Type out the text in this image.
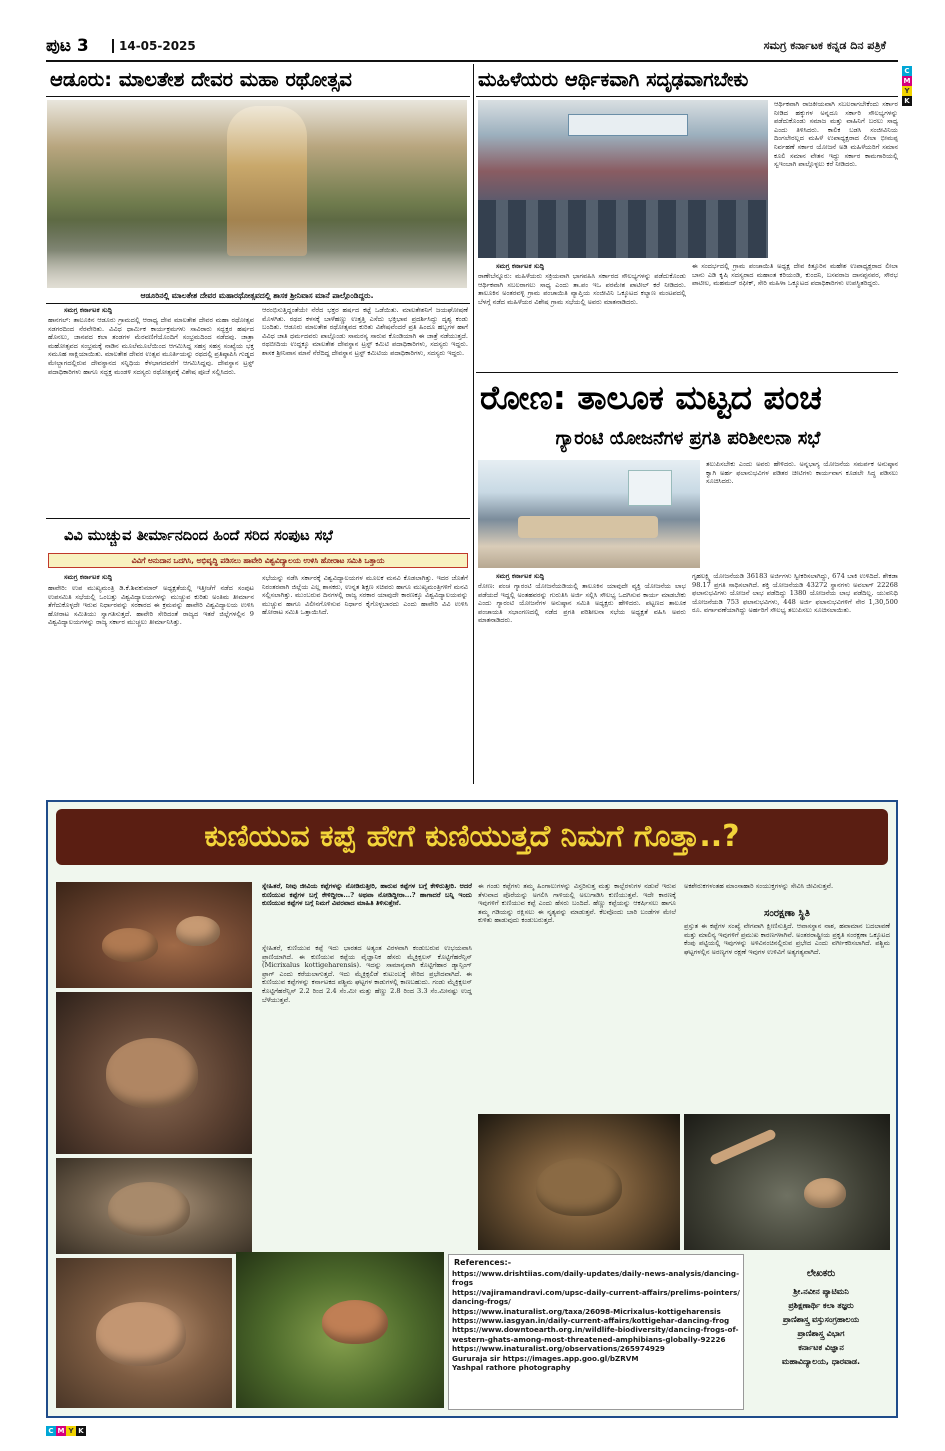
ಪುಟ 3	14-05-2025	ಸಮಗ್ರ ಕರ್ನಾಟಕ ಕನ್ನಡ ದಿನ ಪತ್ರಿಕೆ
ಆಡೂರು: ಮಾಲತೇಶ ದೇವರ ಮಹಾ ರಥೋತ್ಸವ
ಆಡೂರಿನಲ್ಲಿ ಮಾಲತೇಶ ದೇವರ ಮಹಾರಥೋತ್ಸವದಲ್ಲಿ ಶಾಸಕ ಶ್ರೀನಿವಾಸ ಮಾನೆ ಪಾಲ್ಗೊಂಡಿದ್ದರು.
ಸಮಗ್ರ ಕರ್ನಾಟಕ ಸುದ್ದಿ
ಹಾನಗಲ್: ತಾಲೂಕಿನ ಆಡೂರು ಗ್ರಾಮದಲ್ಲಿ ಆರಾಧ್ಯ ದೇವ ಮಾಲತೇಶ ದೇವರ ಮಹಾ ರಥೋತ್ಸವ ಸಡಗರದಿಂದ ನೆರವೇರಿತು. ವಿವಿಧ ಧಾರ್ಮಿಕ ಕಾರ್ಯಕ್ರಮಗಳು ಸಾವಿರಾರು ಸದ್ಭಕ್ತರ ಹರ್ಷದ ಹೊನಲು, ಜಾನಪದ ಕಲಾ ತಂಡಗಳ ಮೆರವಣಿಗೆಯೊಂದಿಗೆ ಸಂಭ್ರಮದಿಂದ ನಡೆದವು. ಜಾತ್ರಾ ಮಹೋತ್ಸವದ ಸಂಭ್ರಮಕ್ಕೆ ನಾಡಿನ ಮೂಲೆಮೂಲೆಯಿಂದ ಆಗಮಿಸಿದ್ದ ಸಹಸ್ರ ಸಹಸ್ರ ಸಂಖ್ಯೆಯ ಭಕ್ತ ಸಮೂಹ ಸಾಕ್ಷಿಯಾಯಿತು. ಮಾಲತೇಶ ದೇವರ ಉತ್ಸವ ಮೂರ್ತಿಯನ್ನು ರಥದಲ್ಲಿ ಪ್ರತಿಷ್ಠಾಪಿಸಿ ಗುಡ್ಡದ ಮೇಲ್ಭಾಗದಲ್ಲಿರುವ ದೇವಸ್ಥಾನದ ಸನ್ನಿಧಿಯ ಕೆಳಭಾಗದವರೆಗೆ ಆಗಮಿಸಿದ್ದವು. ದೇವಸ್ಥಾನ ಟ್ರಸ್ಟ್ ಪದಾಧಿಕಾರಿಗಳು ಹಾಗೂ ಸದ್ಭಕ್ತ ಮಂಡಳಿ ಸದಸ್ಯರು ರಥೋತ್ಸವಕ್ಕೆ ವಿಶೇಷ ಪೂಜೆ ಸಲ್ಲಿಸಿದರು.
ಆರಂಭಿಸುತ್ತಿದ್ದಂತೆಯೇ ನೆರೆದ ಭಕ್ತರ ಹರ್ಷದ ಕಟ್ಟೆ ಒಡೆಯಿತು. ಮಾಲತೇಶನಿಗೆ ಜಯಘೋಷಣೆ ಮೊಳಗಿತು. ರಥದ ಕಳಸಕ್ಕೆ ಬಾಳೆಹಣ್ಣು ಉತ್ತತ್ತಿ ಎಸೆದು ಭಕ್ತಿಭಾವ ಪ್ರದರ್ಶಿಸಿದ್ದು ದೃಶ್ಯ ಕಂಡು ಬಂದಿತು. ಆಡೂರು ಮಾಲತೇಶ ರಥೋತ್ಸವದ ಕುರಿತು ವಿಶೇಷವೆಂದರೆ ಪ್ರತಿ ಹಿಂದೂ ಹಬ್ಬಗಳ ಹಾಗೆ ವಿವಿಧ ಜಾತಿ ಧರ್ಮದವರು ಪಾಲ್ಗೊಂಡು ಸಾಮರಸ್ಯ ಸಾರುವ ಕೊಂಡಿಯಾಗಿ ಈ ಜಾತ್ರೆ ನಡೆಯುತ್ತದೆ. ರಥಬೀದಿಯ ಉದ್ದಕ್ಕೂ ಮಾಲತೇಶ ದೇವಸ್ಥಾನ ಟ್ರಸ್ಟ್ ಕಮಿಟಿ ಪದಾಧಿಕಾರಿಗಳು, ಸದಸ್ಯರು ಇದ್ದರು. ಶಾಸಕ ಶ್ರೀನಿವಾಸ ಮಾನೆ ನೆರೆದಿದ್ದ ದೇವಸ್ಥಾನ ಟ್ರಸ್ಟ್ ಕಮಿಟಿಯ ಪದಾಧಿಕಾರಿಗಳು, ಸದಸ್ಯರು ಇದ್ದರು.
ವಿವಿ ಮುಚ್ಚುವ ತೀರ್ಮಾನದಿಂದ ಹಿಂದೆ ಸರಿದ ಸಂಪುಟ ಸಭೆ
ವಿವಿಗೆ ಅನುದಾನ ಒದಗಿಸಿ, ಅಭಿವೃದ್ಧಿ ಪಡಿಸಲು ಹಾವೇರಿ ವಿಶ್ವವಿದ್ಯಾಲಯ ಉಳಿಸಿ ಹೋರಾಟ ಸಮಿತಿ ಒತ್ತಾಯ
ಸಮಗ್ರ ಕರ್ನಾಟಕ ಸುದ್ದಿ
ಹಾವೇರಿ: ಉಪ ಮುಖ್ಯಮಂತ್ರಿ ಡಿ.ಕೆ.ಶಿವಕುಮಾರ್ ಅಧ್ಯಕ್ಷತೆಯಲ್ಲಿ ಇತ್ತೀಚೆಗೆ ನಡೆದ ಸಂಪುಟ ಉಪಸಮಿತಿ ಸಭೆಯಲ್ಲಿ ಒಂಬತ್ತು ವಿಶ್ವವಿದ್ಯಾಲಯಗಳನ್ನು ಮುಚ್ಚುವ ಕುರಿತು ಅಂತಿಮ ತೀರ್ಮಾನ ತೆಗೆದುಕೊಳ್ಳದೇ ಇರುವ ನಿರ್ಧಾರವನ್ನು ಸರಕಾರದ ಈ ಕ್ರಮವನ್ನು ಹಾವೇರಿ ವಿಶ್ವವಿದ್ಯಾಲಯ ಉಳಿಸಿ ಹೋರಾಟ ಸಮಿತಿಯು ಸ್ವಾಗತಿಸುತ್ತದೆ. ಹಾವೇರಿ ಸೇರಿದಂತೆ ರಾಜ್ಯದ ಇತರೆ ಜಿಲ್ಲೆಗಳಲ್ಲಿನ 9 ವಿಶ್ವವಿದ್ಯಾಲಯಗಳನ್ನು ರಾಜ್ಯ ಸರ್ಕಾರ ಮುಚ್ಚಲು ತೀರ್ಮಾನಿಸಿತ್ತು.
ಸಭೆಯನ್ನು ನಡೆಸಿ ಸರ್ಕಾರಕ್ಕೆ ವಿಶ್ವವಿದ್ಯಾಲಯಗಳ ಮೂಲಕ ಮನವಿ ಕೊಡಲಾಗಿತ್ತು. ಇದರ ಜೊತೆಗೆ ನಿರಂತರವಾಗಿ ಜಿಲ್ಲೆಯ ಎಲ್ಲ ಶಾಸಕರು, ಉನ್ನತ ಶಿಕ್ಷಣ ಸಚಿವರು ಹಾಗೂ ಮುಖ್ಯಮಂತ್ರಿಗಳಿಗೆ ಮನವಿ ಸಲ್ಲಿಸಲಾಗಿತ್ತು. ಮುಂಬರುವ ದಿನಗಳಲ್ಲಿ ರಾಜ್ಯ ಸರಕಾರ ಯಾವುದೇ ಕಾರಣಕ್ಕೂ ವಿಶ್ವವಿದ್ಯಾಲಯವನ್ನು ಮುಚ್ಚುವ ಹಾಗೂ ವಿಲೀನಗೊಳಿಸುವ ನಿರ್ಧಾರ ಕೈಗೊಳ್ಳಬಾರದು ಎಂದು ಹಾವೇರಿ ವಿವಿ ಉಳಿಸಿ ಹೋರಾಟ ಸಮಿತಿ ಒತ್ತಾಯಿಸಿದೆ.
ಮಹಿಳೆಯರು ಆರ್ಥಿಕವಾಗಿ ಸದೃಢವಾಗಬೇಕು
ಆರ್ಥಿಕವಾಗಿ ರಾಜಕೀಯವಾಗಿ ಸಬಲರಾಗಬೇಕೆಂದು ಸರ್ಕಾರ ನೀಡಿದ ಹಕ್ಕುಗಳ ಅನ್ನದೂ ಸರ್ಕಾರಿ ಸೌಲಭ್ಯಗಳನ್ನು ಪಡೆದುಕೊಂಡು ಸಮಾಜ ಮತ್ತು ವಾಹಿನಿಗೆ ಬರಲು ಸಾಧ್ಯ ಎಂದು ತಿಳಿಸಿದರು. ಕಾಲಿಕ ಬಡಸಿ ಸಂಜೀವಿನಿಯ ದಿಂಗಲೇರಲ್ಲದ ಮಹಿಳೆ ಉಪಾಧ್ಯಕ್ಷರಾದ ಲೀಲಾ ಭೀಮಪ್ಪ ನಿರ್ವಹಣೆ ಸರ್ಕಾರ ಯೋಜನೆ ಅಡಿ ಮಹಿಳೆಯರಿಗೆ ಸಮಾನ ಕೂಲಿ ಸಮಾನ ವೇತನ ಇದ್ದು ಸರ್ಕಾರ ಕಾಮಗಾರಿಯಲ್ಲಿ ಸ್ವಇಂಬಾಗಿ ಪಾಲ್ಗೊಳ್ಳಲು ಕರೆ ನೀಡಿದರು.
ಸಮಗ್ರ ಕರ್ನಾಟಕ ಸುದ್ದಿ
ರಾಣೇಬೆನ್ನೂರು: ಮಹಿಳೆಯರು ಸಕ್ರಿಯವಾಗಿ ಭಾಗವಹಿಸಿ ಸರ್ಕಾರದ ಸೌಲಭ್ಯಗಳನ್ನು ಪಡೆದುಕೊಂಡು ಆರ್ಥಿಕವಾಗಿ ಸಬಲರಾಗಲು ಸಾಧ್ಯ ಎಂದು ತಾ.ಪಂ ಇಒ ಪರಮೇಶ ಪಾಟೀಲ್ ಕರೆ ನೀಡಿದರು. ತಾಲೂಕಿನ ಅಂತರವಳ್ಳಿ ಗ್ರಾಮ ಪಂಚಾಯಿತಿ ವ್ಯಾಪ್ತಿಯ ಸಂಜೀವಿನಿ ಒಕ್ಕೂಟದ ಕಲ್ಯಾಣ ಮಂಟಪದಲ್ಲಿ ಬೆಳಗ್ಗೆ ನಡೆದ ಮಹಿಳೆಯರ ವಿಶೇಷ ಗ್ರಾಮ ಸಭೆಯಲ್ಲಿ ಅವರು ಮಾತನಾಡಿದರು.
ಈ ಸಂದರ್ಭದಲ್ಲಿ ಗ್ರಾಮ ಪಂಚಾಯಿತಿ ಅಧ್ಯಕ್ಷ ದೇವ ಕಿತ್ತೂರಿನ ಮಹೇಶ ಉಪಾಧ್ಯಕ್ಷರಾದ ಲೀಲಾ ಬಾನು ಎಡಿ ಕೃಷಿ ಸದಸ್ಯರಾದ ಮಹಾಂತ ಕರಿಯಂಡಿ, ಕುಂದನಿ, ಬಸವರಾಜ ದಾನಪ್ಪನವರ, ಸೌರಭ ಪಾಟೀಲ, ಮಹಮದ್ ರಫೀಕ್, ಸೇರಿ ಮಹಿಳಾ ಒಕ್ಕೂಟದ ಪದಾಧಿಕಾರಿಗಳು ಉಪಸ್ಥಿತರಿದ್ದರು.
ರೋಣ: ತಾಲೂಕ ಮಟ್ಟದ ಪಂಚ
ಗ್ಯಾರಂಟಿ ಯೋಜನೆಗಳ ಪ್ರಗತಿ ಪರಿಶೀಲನಾ ಸಭೆ
ತಲುಪಿಸಬೇಕು ಎಂದು ಅವರು ಹೇಳಿದರು. ಅನ್ನಭಾಗ್ಯ ಯೋಜನೆಯ ಸಮರ್ಪಕ ಅನುಷ್ಠಾನ ಕ್ವಾಗಿ ಅರ್ಹ ಫಲಾನುಭವಿಗಳ ಪಡಿತರ ಚೀಟಿಗಳು ಕಾರ್ಯವಾಗ ಕೂಡಲೇ ಸಿದ್ಧ ಪಡಿಸಲು ಸೂಚಿಸಿದರು.
ಸಮಗ್ರ ಕರ್ನಾಟಕ ಸುದ್ದಿ
ರೋಣ: ಪಂಚ ಗ್ಯಾರಂಟಿ ಯೋಜನೆಯಡಿಯಲ್ಲಿ ತಾಲೂಕಿನ ಯಾವುದೇ ವ್ಯಕ್ತಿ ಯೋಜನೆಯ ಲಾಭ ಪಡೆಯದೆ ಇದ್ದಲ್ಲಿ ಅಂತಹವರನ್ನು ಗುರುತಿಸಿ ಅರ್ಜಿ ಸಲ್ಲಿಸಿ ಸೌಲಭ್ಯ ಒದಗಿಸುವ ಕಾರ್ಯ ಮಾಡಬೇಕು ಎಂದು ಗ್ಯಾರಂಟಿ ಯೋಜನೆಗಳ ಅನುಷ್ಠಾನ ಸಮಿತಿ ಅಧ್ಯಕ್ಷರು ಹೇಳಿದರು. ಪಟ್ಟಣದ ತಾಲೂಕ ಪಂಚಾಯತಿ ಸಭಾಂಗಣದಲ್ಲಿ ನಡೆದ ಪ್ರಗತಿ ಪರಿಶೀಲನಾ ಸಭೆಯ ಅಧ್ಯಕ್ಷತೆ ವಹಿಸಿ ಅವರು ಮಾತನಾಡಿದರು.
ಗೃಹಲಕ್ಷ್ಮಿ ಯೋಜನೆಯಡಿ 36183 ಅರ್ಜಿಗಳು ಸ್ವೀಕರಿಸಲಾಗಿದ್ದು, 674 ಬಾಕಿ ಉಳಿದಿದೆ. ಶೇಕಡಾ 98.17 ಪ್ರಗತಿ ಸಾಧಿಸಲಾಗಿದೆ. ಶಕ್ತಿ ಯೋಜನೆಯಡಿ 43272 ಸ್ಥಾನಗಳು ಅವಲಾಗ್ 22268 ಫಲಾನುಭವಿಗಳು ಯೋಜನೆ ಲಾಭ ಪಡೆದಿದ್ದು 1380 ಯೋಜನೆಯ ಲಾಭ ಪಡೆದಿಲ್ಲ. ಯುವನಿಧಿ ಯೋಜನೆಯಡಿ 753 ಫಲಾನುಭವಿಗಳು, 448 ಅರ್ಜಿ ಫಲಾನುಭವಿಗಳಿಗೆ ನೇರ 1,30,500 ರೂ. ವರ್ಗಾವಣೆಯಾಗಿದ್ದು ಅರ್ಹರಿಗೆ ಸೌಲಭ್ಯ ತಲುಪಿಸಲು ಸೂಚಿಸಲಾಯಿತು.
ಕುಣಿಯುವ ಕಪ್ಪೆ ಹೇಗೆ ಕುಣಿಯುತ್ತದೆ ನಿಮಗೆ ಗೊತ್ತಾ..?
ಸ್ನೇಹಿತರೆ, ನೀವು ಜೀವಿಯ ಕಪ್ಪೆಗಳನ್ನು ನೋಡಿರುತ್ತೀರಿ, ಹಾರುವ ಕಪ್ಪೆಗಳ ಬಗ್ಗೆ ಕೇಳಿರುತ್ತೀರಿ. ಆದರೆ ಕುಣಿಯುವ ಕಪ್ಪೆಗಳ ಬಗ್ಗೆ ಕೇಳಿದ್ದೀರಾ...? ಅಥವಾ ನೋಡಿದ್ದೀರಾ...? ಹಾಗಾದರೆ ಬನ್ನಿ ಇಂದು ಕುಣಿಯುವ ಕಪ್ಪೆಗಳ ಬಗ್ಗೆ ನಿಮಗೆ ವಿವರವಾದ ಮಾಹಿತಿ ತಿಳಿಸುತ್ತೇನೆ.
ಸ್ನೇಹಿತರೆ, ಕುಣಿಯುವ ಕಪ್ಪೆ ಇದು ಭಾರತದ ಅತ್ಯಂತ ವಿರಳವಾಗಿ ಕಂಡುಬರುವ ಉಭಯವಾಸಿ ಪ್ರಾಣಿಯಾಗಿದೆ. ಈ ಕುಣಿಯುವ ಕಪ್ಪೆಯ ವೈಜ್ಞಾನಿಕ ಹೆಸರು ಮೈಕ್ರಿಕ್ಸಲಸ್ ಕೊಟ್ಟಿಗೆಹರೆನ್ಸಿಸ್ (Micrixalus kottigeharensis). ಇದನ್ನು ಸಾಮಾನ್ಯವಾಗಿ ಕೊಟ್ಟಿಗೆಹಾರ ಡ್ಯಾನ್ಸಿಂಗ್ ಫ್ರಾಗ್ ಎಂದು ಕರೆಯಲಾಗುತ್ತದೆ. ಇದು ಮೈಕ್ರಿಕ್ಸಲಿಡೆ ಕುಟುಂಬಕ್ಕೆ ಸೇರಿದ ಪ್ರಭೇದವಾಗಿದೆ. ಈ ಕುಣಿಯುವ ಕಪ್ಪೆಗಳನ್ನು ಕರ್ನಾಟಕದ ಪಶ್ಚಿಮ ಘಟ್ಟಗಳ ಕಾಡುಗಳಲ್ಲಿ ಕಾಣಬಹುದು. ಗಂಡು ಮೈಕ್ರಿಕ್ಸಲಸ್ ಕೊಟ್ಟಿಗೆಹರೆನ್ಸಿಸ್ 2.2 ರಿಂದ 2.4 ಸೆಂ.ಮೀ ಮತ್ತು ಹೆಣ್ಣು 2.8 ರಿಂದ 3.3 ಸೆಂ.ಮೀನಷ್ಟು ಉದ್ದ ಬೆಳೆಯುತ್ತವೆ.
ಈ ಗಂಡು ಕಪ್ಪೆಗಳು ತಮ್ಮ ಹಿಂಗಾಲುಗಳನ್ನು ವಿಸ್ತರಿಸುತ್ತ ಮತ್ತು ಕಾಲ್ಬೆರಳುಗಳ ನಡುವೆ ಇರುವ ತೆಳುವಾದ ಪೊರೆಯನ್ನು ಅಗಲಿಸಿ ಗಾಳಿಯಲ್ಲಿ ಅಲುಗಾಡಿಸಿ ಕುಣಿಯುತ್ತವೆ. ಇದೇ ಕಾರಣಕ್ಕೆ ಇವುಗಳಿಗೆ ಕುಣಿಯುವ ಕಪ್ಪೆ ಎಂದು ಹೆಸರು ಬಂದಿದೆ. ಹೆಣ್ಣು ಕಪ್ಪೆಯನ್ನು ಆಕರ್ಷಿಸಲು ಹಾಗೂ ತಮ್ಮ ಗಡಿಯನ್ನು ರಕ್ಷಿಸಲು ಈ ನೃತ್ಯವನ್ನು ಮಾಡುತ್ತವೆ. ಕೆಲವೊಂದು ಬಾರಿ ಬಂಡೆಗಳ ಮೇಲೆ ಕುಳಿತು ಹಾಡುವುದು ಕಂಡುಬರುತ್ತದೆ.
ಅಕಶೇರುಕಗಳಂತಹ ಮಾಂಸಾಹಾರಿ ಸಂಯುಕ್ತಗಳನ್ನು ಸೇವಿಸಿ ಜೀವಿಸುತ್ತವೆ.
ಸಂರಕ್ಷಣಾ ಸ್ಥಿತಿ
ಪ್ರಸ್ತುತ ಈ ಕಪ್ಪೆಗಳ ಸಂಖ್ಯೆ ವೇಗವಾಗಿ ಕ್ಷೀಣಿಸುತ್ತಿದೆ. ಆವಾಸಸ್ಥಾನ ನಾಶ, ಹವಾಮಾನ ಬದಲಾವಣೆ ಮತ್ತು ಮಾಲಿನ್ಯ ಇವುಗಳಿಗೆ ಪ್ರಮುಖ ಕಾರಣಗಳಾಗಿವೆ. ಅಂತರರಾಷ್ಟ್ರೀಯ ಪ್ರಕೃತಿ ಸಂರಕ್ಷಣಾ ಒಕ್ಕೂಟದ ಕೆಂಪು ಪಟ್ಟಿಯಲ್ಲಿ ಇವುಗಳನ್ನು ಅಳಿವಿನಂಚಿನಲ್ಲಿರುವ ಪ್ರಭೇದ ಎಂದು ವರ್ಗೀಕರಿಸಲಾಗಿದೆ. ಪಶ್ಚಿಮ ಘಟ್ಟಗಳಲ್ಲಿನ ಅರಣ್ಯಗಳ ರಕ್ಷಣೆ ಇವುಗಳ ಉಳಿವಿಗೆ ಅತ್ಯಗತ್ಯವಾಗಿದೆ.
References:-
https://www.drishtiias.com/daily-updates/daily-news-analysis/dancing-frogs
https://vajiramandravi.com/upsc-daily-current-affairs/prelims-pointers/dancing-frogs/
https://www.inaturalist.org/taxa/26098-Micrixalus-kottigeharensis
https://www.iasgyan.in/daily-current-affairs/kottigehar-dancing-frog
https://www.downtoearth.org.in/wildlife-biodiversity/dancing-frogs-of-western-ghats-among-most-threatened-amphibians-globally-92226
https://www.inaturalist.org/observations/265974929
Gururaja sir https://images.app.goo.gl/bZRVM
Yashpal rathore photography
ಲೇಖಕರು
ಶ್ರೀ.ನವೀನ ಪ್ಯಾಟಿಮನಿ
ಪ್ರಶಿಕ್ಷಣಾರ್ಥಿ ಕಲಾ ತಜ್ಞರು
ಪ್ರಾಣಿಶಾಸ್ತ್ರ ವಸ್ತುಸಂಗ್ರಹಾಲಯ
ಪ್ರಾಣಿಶಾಸ್ತ್ರ ವಿಭಾಗ
ಕರ್ನಾಟಕ ವಿಜ್ಞಾನ
ಮಹಾವಿದ್ಯಾಲಯ, ಧಾರವಾಡ.
C
M
Y
K
C M Y K
